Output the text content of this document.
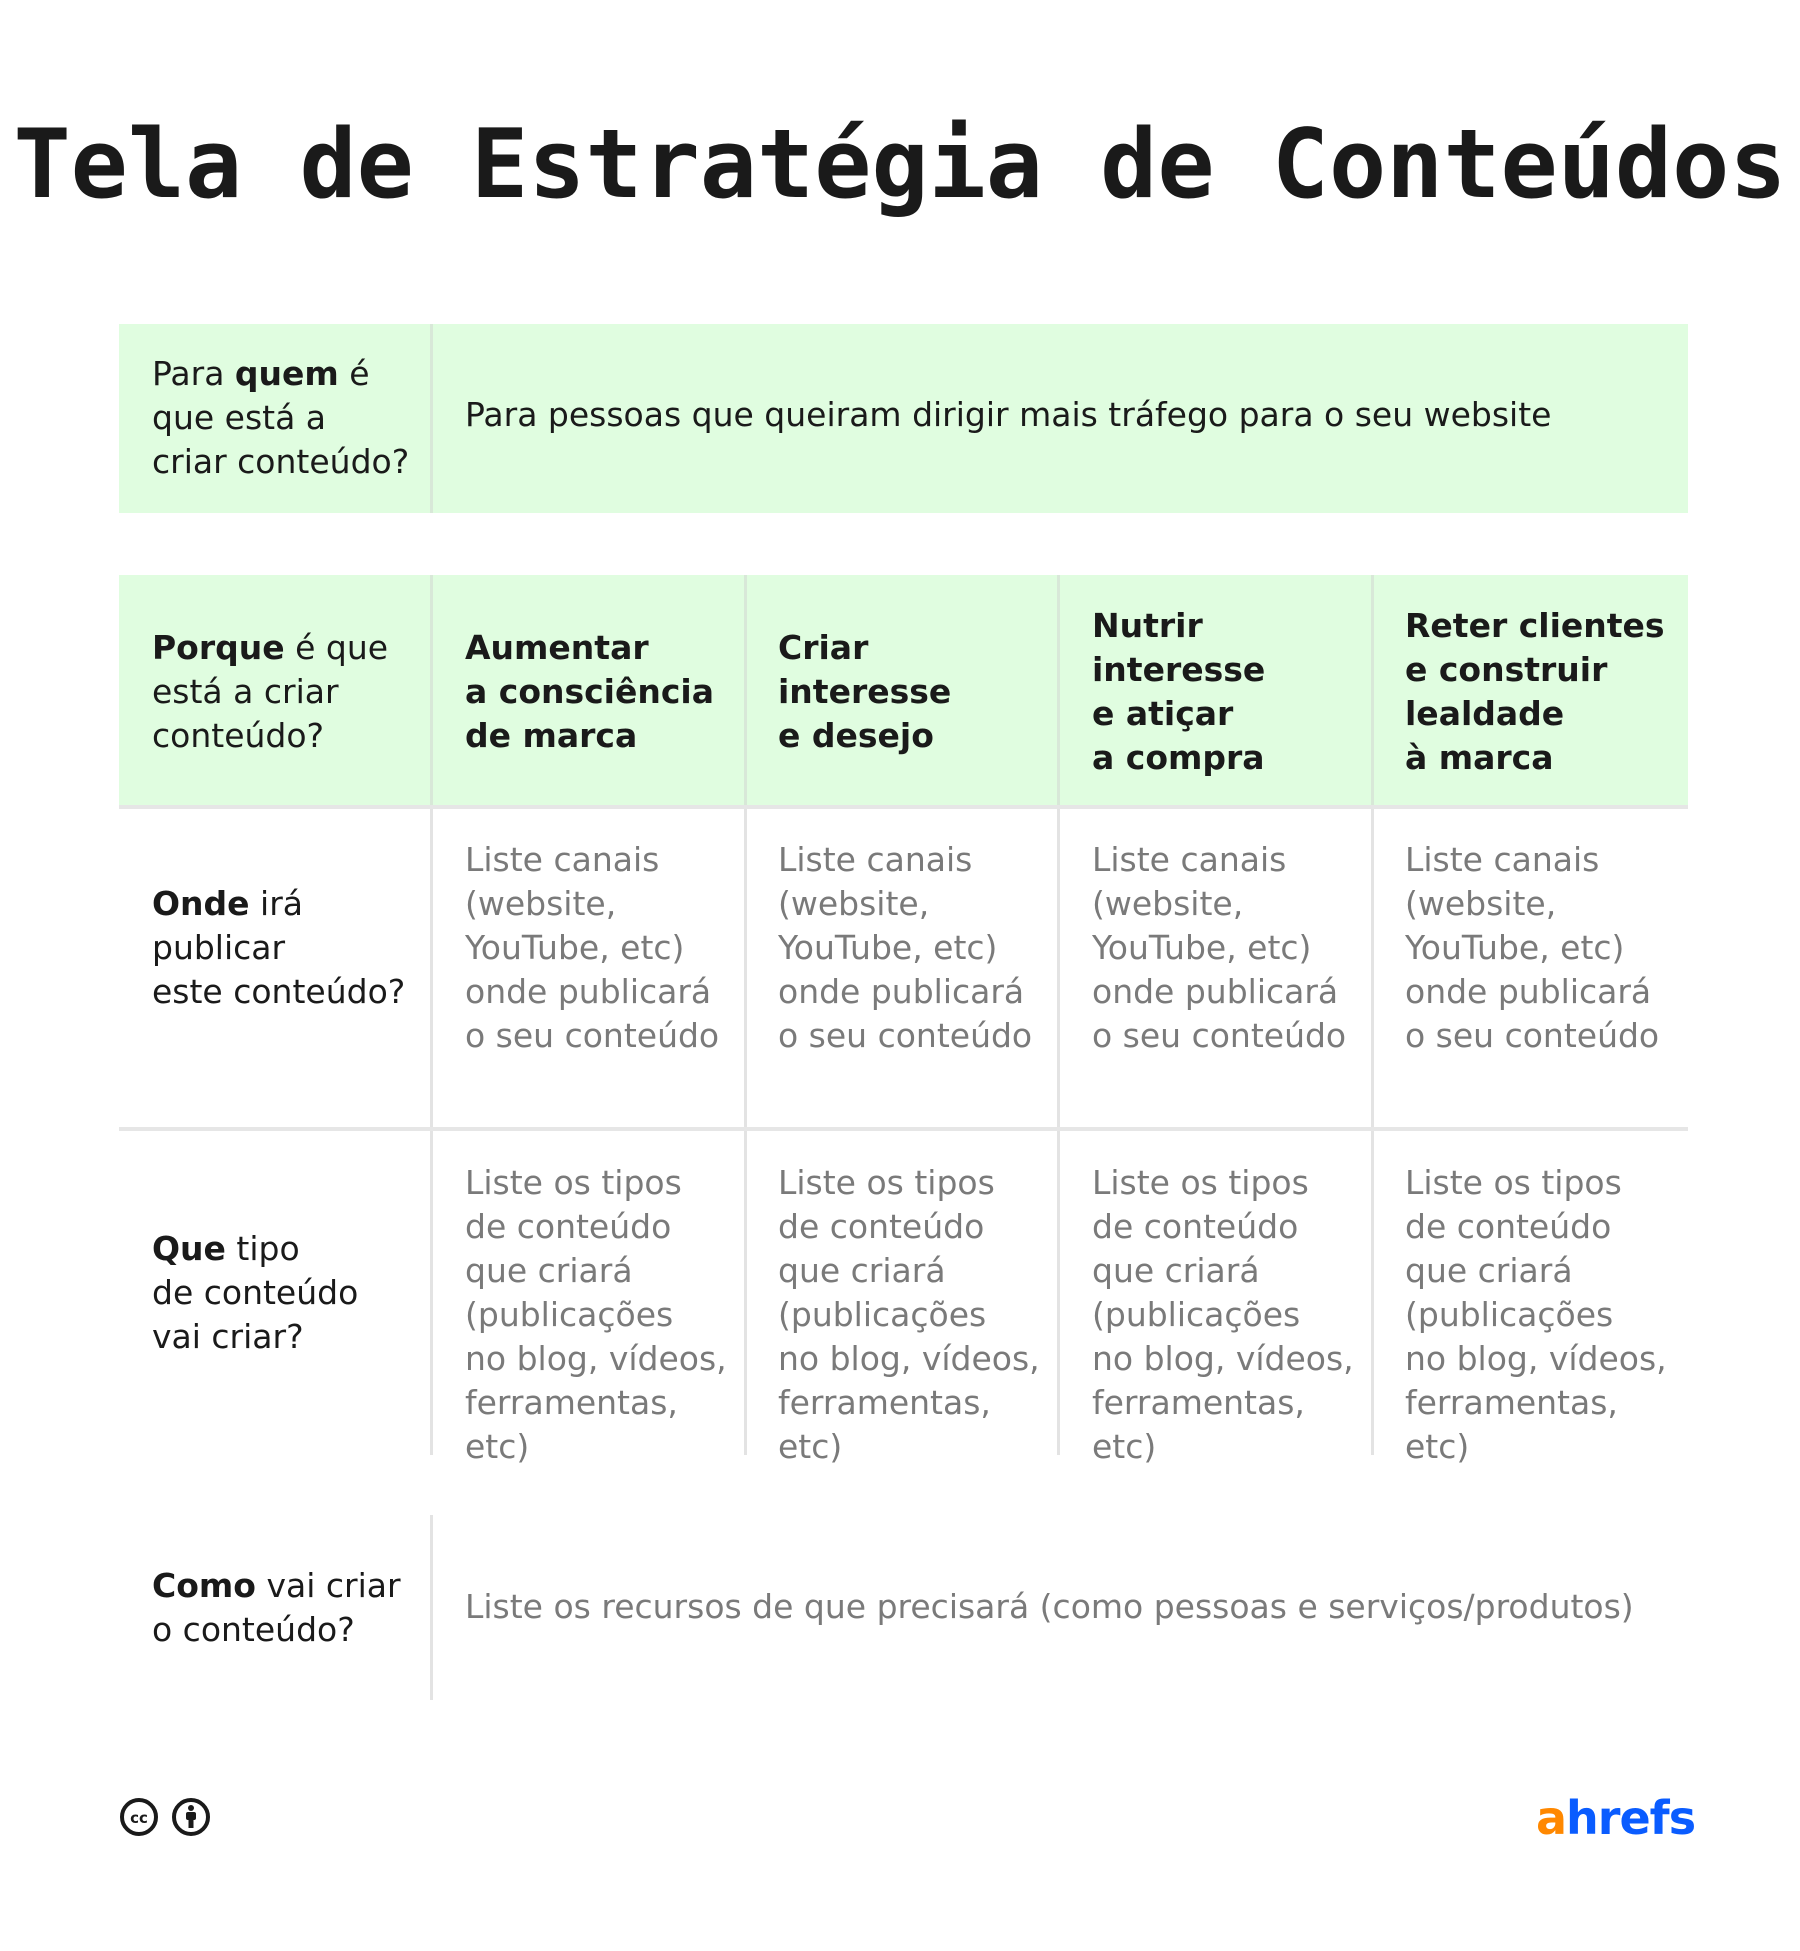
Tela de Estratégia de Conteúdos
Para quem é
que está a
criar conteúdo?
Para pessoas que queiram dirigir mais tráfego para o seu website
Porque é que
está a criar
conteúdo?
Aumentar
a consciência
de marca
Criar
interesse
e desejo
Nutrir
interesse
e atiçar
a compra
Reter clientes
e construir
lealdade
à marca
Onde irá
publicar
este conteúdo?
Liste canais
(website,
YouTube, etc)
onde publicará
o seu conteúdo
Liste canais
(website,
YouTube, etc)
onde publicará
o seu conteúdo
Liste canais
(website,
YouTube, etc)
onde publicará
o seu conteúdo
Liste canais
(website,
YouTube, etc)
onde publicará
o seu conteúdo
Que tipo
de conteúdo
vai criar?
Liste os tipos
de conteúdo
que criará
(publicações
no blog, vídeos,
ferramentas,
etc)
Liste os tipos
de conteúdo
que criará
(publicações
no blog, vídeos,
ferramentas,
etc)
Liste os tipos
de conteúdo
que criará
(publicações
no blog, vídeos,
ferramentas,
etc)
Liste os tipos
de conteúdo
que criará
(publicações
no blog, vídeos,
ferramentas,
etc)
Como vai criar
o conteúdo?
Liste os recursos de que precisará (como pessoas e serviços/produtos)
cc	ahrefs
